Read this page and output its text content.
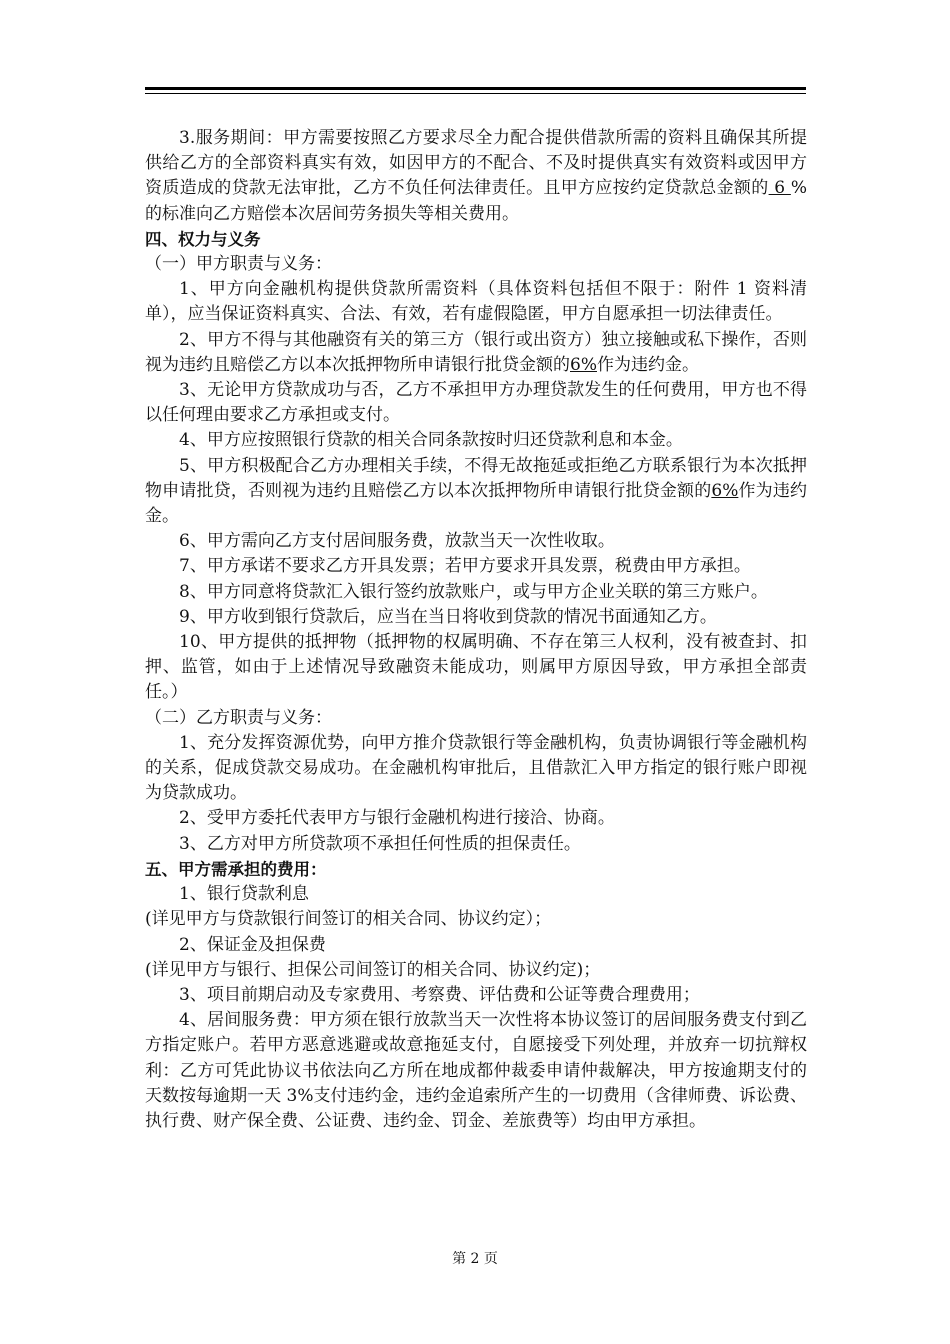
3.服务期间：甲方需要按照乙方要求尽全力配合提供借款所需的资料且确保其所提供给乙方的全部资料真实有效，如因甲方的不配合、不及时提供真实有效资料或因甲方资质造成的贷款无法审批，乙方不负任何法律责任。且甲方应按约定贷款总金额的 6 %的标准向乙方赔偿本次居间劳务损失等相关费用。

四、权力与义务

（一）甲方职责与义务：

1、甲方向金融机构提供贷款所需资料（具体资料包括但不限于：附件 1 资料清单），应当保证资料真实、合法、有效，若有虚假隐匿，甲方自愿承担一切法律责任。

2、甲方不得与其他融资有关的第三方（银行或出资方）独立接触或私下操作，否则视为违约且赔偿乙方以本次抵押物所申请银行批贷金额的6%作为违约金。

3、无论甲方贷款成功与否，乙方不承担甲方办理贷款发生的任何费用，甲方也不得以任何理由要求乙方承担或支付。

4、甲方应按照银行贷款的相关合同条款按时归还贷款利息和本金。

5、甲方积极配合乙方办理相关手续，不得无故拖延或拒绝乙方联系银行为本次抵押物申请批贷，否则视为违约且赔偿乙方以本次抵押物所申请银行批贷金额的6%作为违约金。

6、甲方需向乙方支付居间服务费，放款当天一次性收取。

7、甲方承诺不要求乙方开具发票；若甲方要求开具发票，税费由甲方承担。

8、甲方同意将贷款汇入银行签约放款账户，或与甲方企业关联的第三方账户。

9、甲方收到银行贷款后，应当在当日将收到贷款的情况书面通知乙方。

10、甲方提供的抵押物（抵押物的权属明确、不存在第三人权利，没有被查封、扣押、监管，如由于上述情况导致融资未能成功，则属甲方原因导致，甲方承担全部责任。）

（二）乙方职责与义务：

1、充分发挥资源优势，向甲方推介贷款银行等金融机构，负责协调银行等金融机构的关系，促成贷款交易成功。在金融机构审批后，且借款汇入甲方指定的银行账户即视为贷款成功。

2、受甲方委托代表甲方与银行金融机构进行接洽、协商。

3、乙方对甲方所贷款项不承担任何性质的担保责任。

五、甲方需承担的费用：

1、银行贷款利息

(详见甲方与贷款银行间签订的相关合同、协议约定）；

2、保证金及担保费

(详见甲方与银行、担保公司间签订的相关合同、协议约定)；

3、项目前期启动及专家费用、考察费、评估费和公证等费合理费用；

4、居间服务费：甲方须在银行放款当天一次性将本协议签订的居间服务费支付到乙方指定账户。若甲方恶意逃避或故意拖延支付，自愿接受下列处理，并放弃一切抗辩权利：乙方可凭此协议书依法向乙方所在地成都仲裁委申请仲裁解决，甲方按逾期支付的天数按每逾期一天 3%支付违约金，违约金追索所产生的一切费用（含律师费、诉讼费、执行费、财产保全费、公证费、违约金、罚金、差旅费等）均由甲方承担。

第 2 页
